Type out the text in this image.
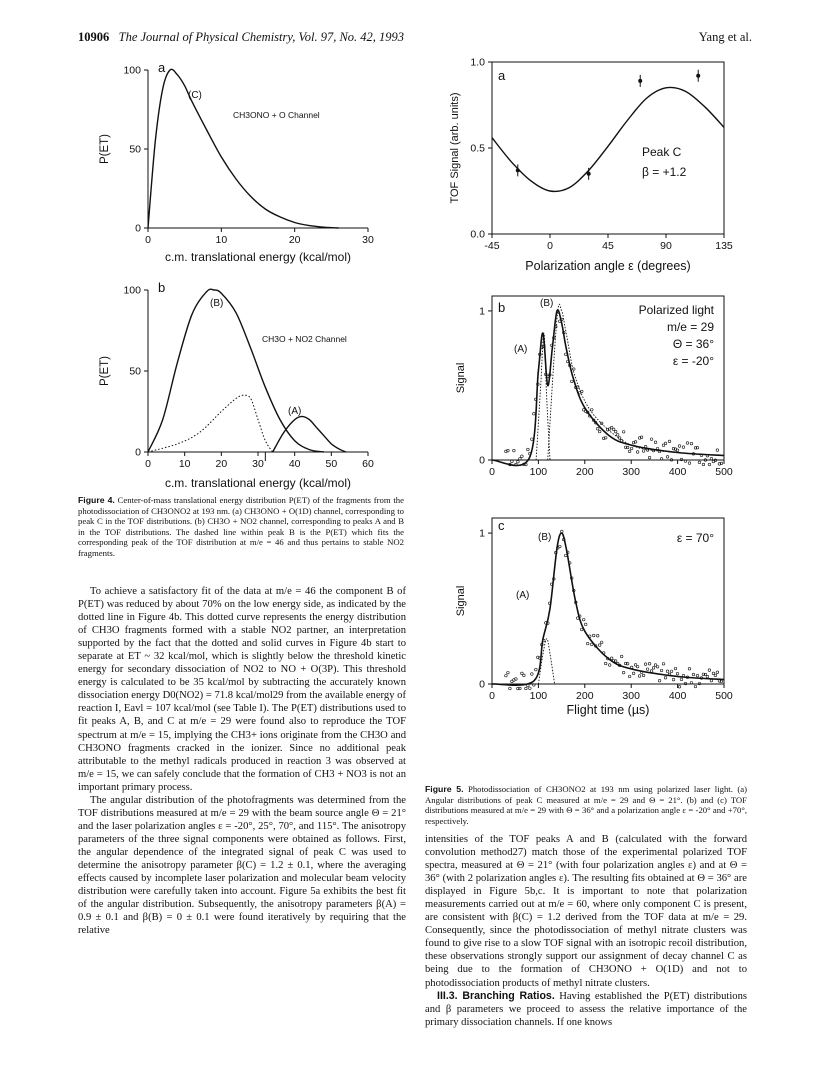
10906 The Journal of Physical Chemistry, Vol. 97, No. 42, 1993	Yang et al.
0	10	20	30
0
50
100 a
(C)
CH3ONO + O Channel
P(ET)
c.m. translational energy (kcal/mol)
0	10 20 30 40 50 60
0
50
100 b
(B)
(A)
CH3O + NO2 Channel
P(ET)
c.m. translational energy (kcal/mol)

Figure 4. Center-of-mass translational energy distribution P(ET) of the fragments from the photodissociation of CH3ONO2 at 193 nm. (a) CH3ONO + O(1D) channel, corresponding to peak C in the TOF distributions. (b) CH3O + NO2 channel, corresponding to peaks A and B in the TOF distributions. The dashed line within peak B is the P(ET) which fits the corresponding peak of the TOF distribution at m/e = 46 and thus pertains to stable NO2 fragments.

To achieve a satisfactory fit of the data at m/e = 46 the component B of P(ET) was reduced by about 70% on the low energy side, as indicated by the dotted line in Figure 4b. This dotted curve represents the energy distribution of CH3O fragments formed with a stable NO2 partner, an interpretation supported by the fact that the dotted and solid curves in Figure 4b start to separate at ET ~ 32 kcal/mol, which is slightly below the threshold kinetic energy for secondary dissociation of NO2 to NO + O(3P). This threshold energy is calculated to be 35 kcal/mol by subtracting the accurately known dissociation energy D0(NO2) = 71.8 kcal/mol29 from the available energy of reaction I, Eavl = 107 kcal/mol (see Table I). The P(ET) distributions used to fit peaks A, B, and C at m/e = 29 were found also to reproduce the TOF spectrum at m/e = 15, implying the CH3+ ions originate from the CH3O and CH3ONO fragments cracked in the ionizer. Since no additional peak attributable to the methyl radicals produced in reaction 3 was observed at m/e = 15, we can safely conclude that the formation of CH3 + NO3 is not an important primary process.

The angular distribution of the photofragments was determined from the TOF distributions measured at m/e = 29 with the beam source angle Θ = 21° and the laser polarization angles ε = -20°, 25°, 70°, and 115°. The anisotropy parameters of the three signal components were obtained as follows. First, the angular dependence of the integrated signal of peak C was used to determine the anisotropy parameter β(C) = 1.2 ± 0.1, where the averaging effects caused by incomplete laser polarization and molecular beam velocity distribution were carefully taken into account. Figure 5a exhibits the best fit of the angular distribution. Subsequently, the anisotropy parameters β(A) = 0.9 ± 0.1 and β(B) = 0 ± 0.1 were found iteratively by requiring that the relative

-45	0	45	90	135
0.0
0.5
1.0
a
Peak C
β = +1.2
TOF Signal (arb. units)
Polarization angle ε (degrees)
0	100	200	300	400	500
0
1
Signal
b	(B)
(A)
Polarized light
m/e = 29
Θ = 36°
ε = -20°
0	100	200	300	400	500
0
1
Signal
Flight time (µs)
c
(B)
(A)
ε = 70°

Figure 5. Photodissociation of CH3ONO2 at 193 nm using polarized laser light. (a) Angular distributions of peak C measured at m/e = 29 and Θ = 21°. (b) and (c) TOF distributions measured at m/e = 29 with Θ = 36° and a polarization angle ε = -20° and +70°, respectively.

intensities of the TOF peaks A and B (calculated with the forward convolution method27) match those of the experimental polarized TOF spectra, measured at Θ = 21° (with four polarization angles ε) and at Θ = 36° (with 2 polarization angles ε). The resulting fits obtained at Θ = 36° are displayed in Figure 5b,c. It is important to note that polarization measurements carried out at m/e = 60, where only component C is present, are consistent with β(C) = 1.2 derived from the TOF data at m/e = 29. Consequently, since the photodissociation of methyl nitrate clusters was found to give rise to a slow TOF signal with an isotropic recoil distribution, these observations strongly support our assignment of decay channel C as being due to the formation of CH3ONO + O(1D) and not to photodissociation products of methyl nitrate clusters.

III.3. Branching Ratios. Having established the P(ET) distributions and β parameters we proceed to assess the relative importance of the primary dissociation channels. If one knows
